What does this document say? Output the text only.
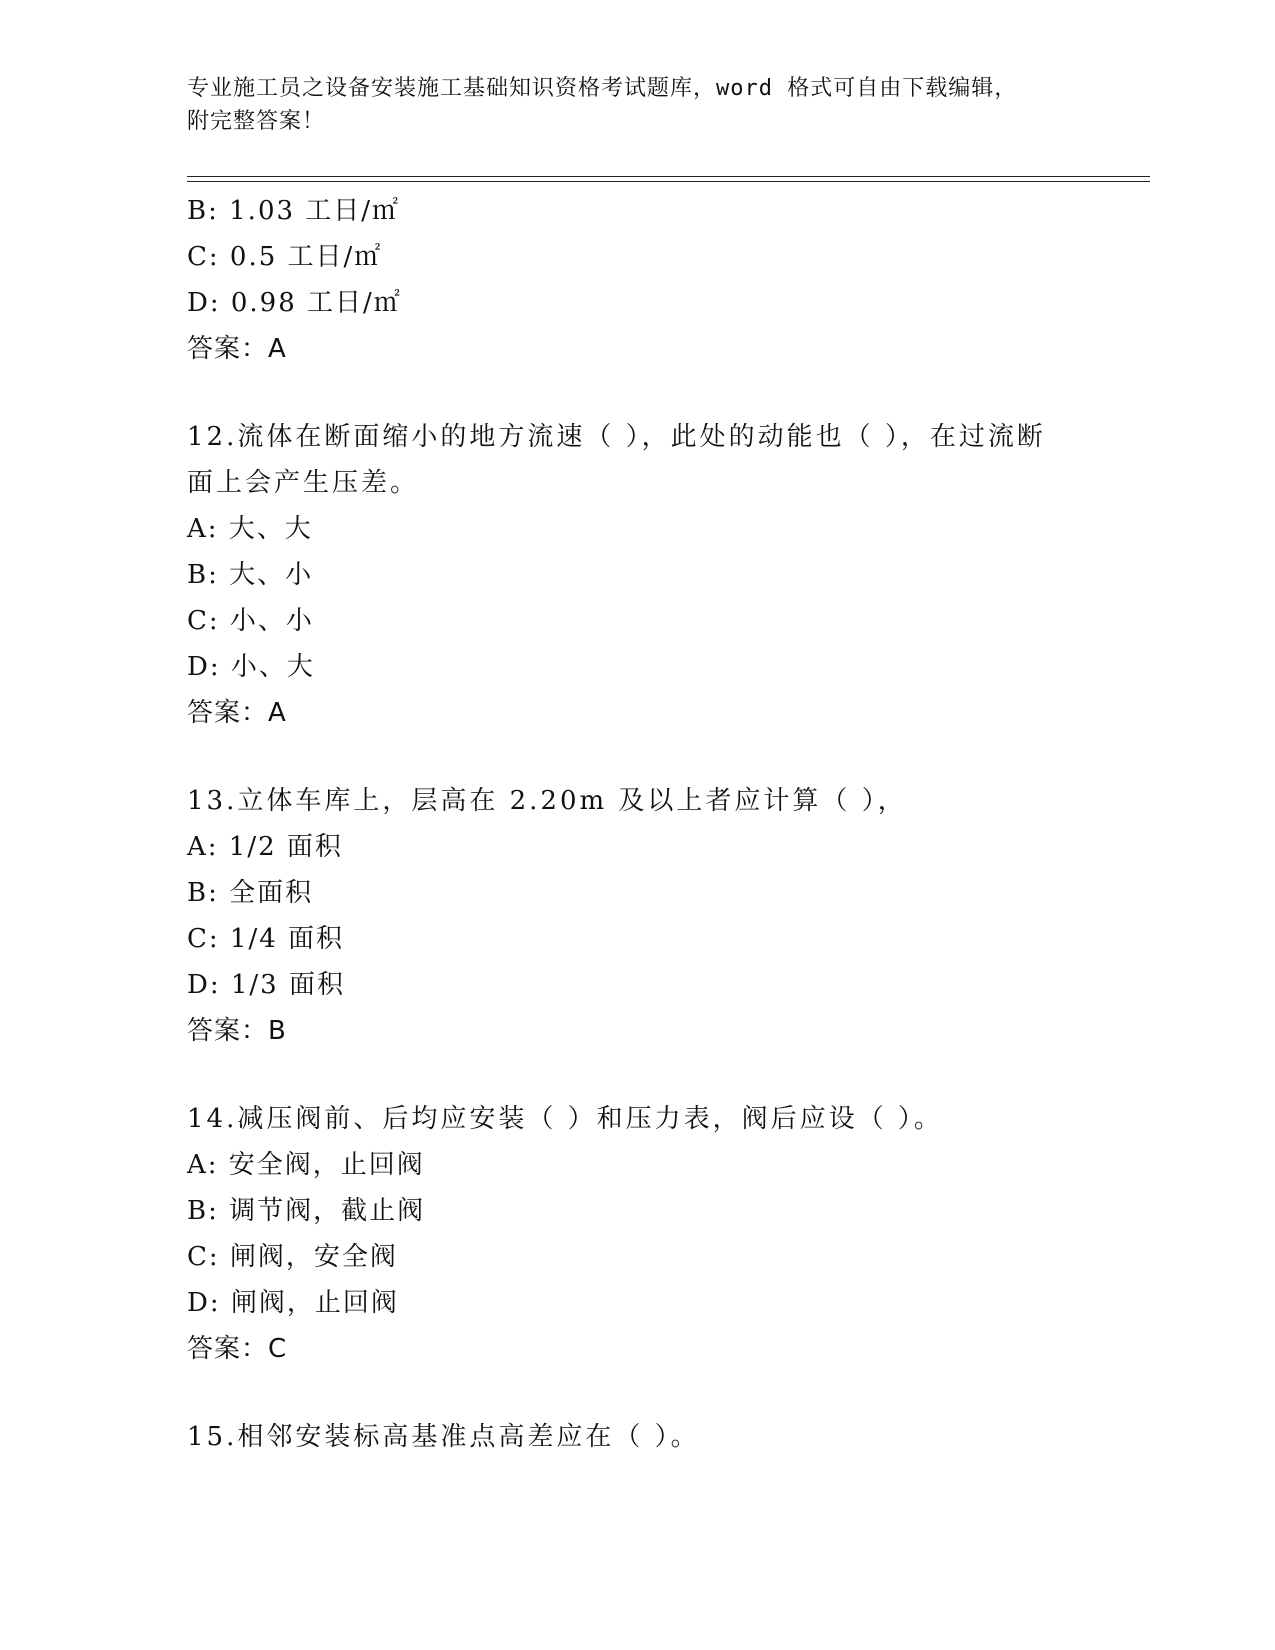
专业施工员之设备安装施工基础知识资格考试题库，word 格式可自由下载编辑，
附完整答案！
B: 1.03 工日/㎡
C: 0.5 工日/㎡
D: 0.98 工日/㎡
答案：A
12.流体在断面缩小的地方流速（ ），此处的动能也（ ），在过流断
面上会产生压差。
A: 大、大
B: 大、小
C: 小、小
D: 小、大
答案：A
13.立体车库上，层高在 2.20m 及以上者应计算（ ），
A: 1/2 面积
B: 全面积
C: 1/4 面积
D: 1/3 面积
答案：B
14.减压阀前、后均应安装（ ）和压力表，阀后应设（ ）。
A: 安全阀，止回阀
B: 调节阀，截止阀
C: 闸阀，安全阀
D: 闸阀，止回阀
答案：C
15.相邻安装标高基准点高差应在（ ）。
